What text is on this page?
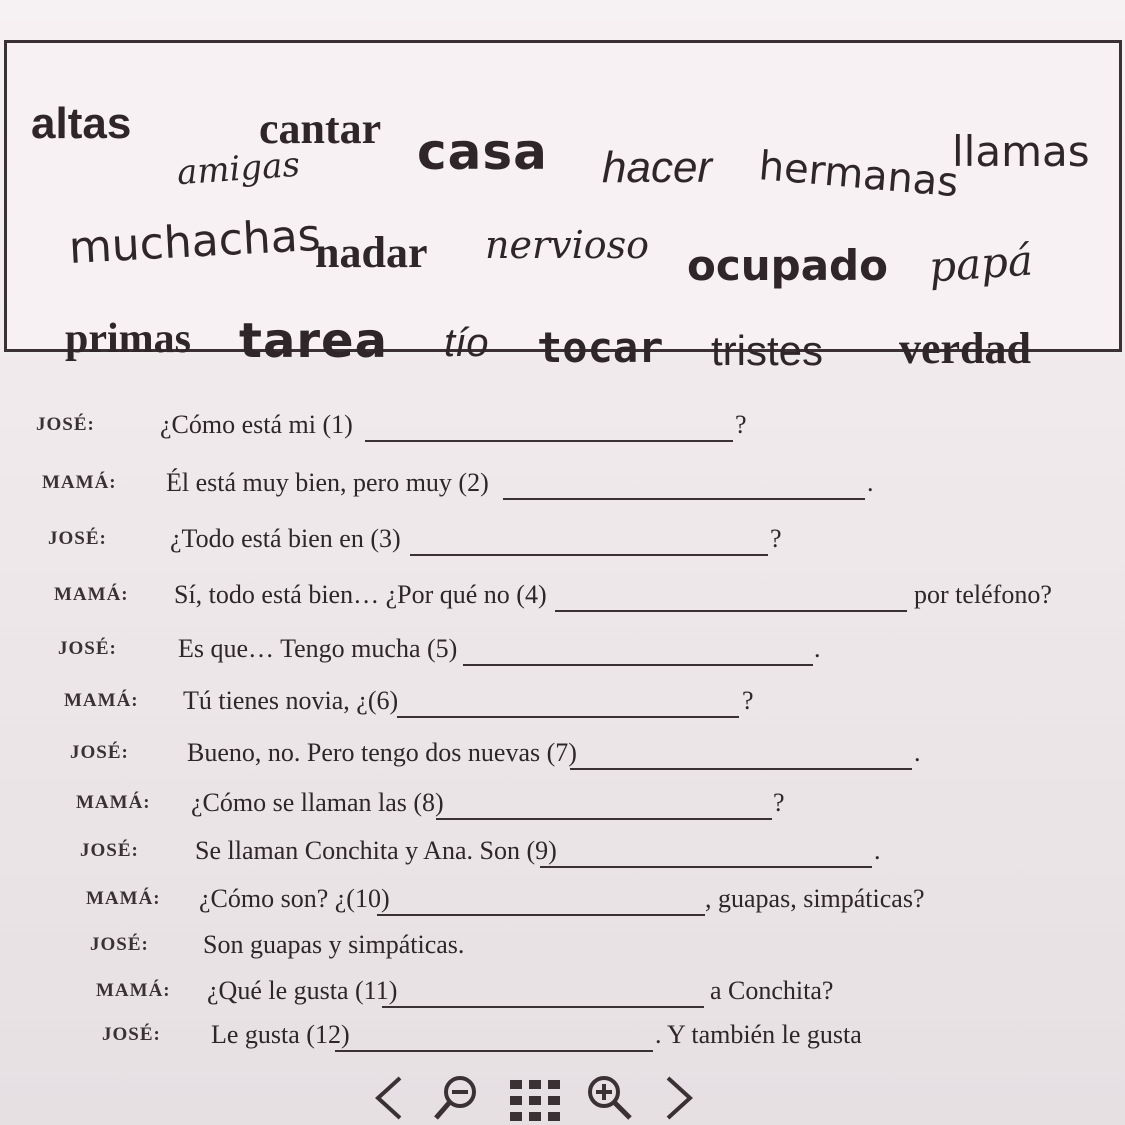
altas	cantar
amigas casa hacer hermanas
llamas
muchachas
nadar nervioso ocupado papá
primas tarea tío tocar tristes verdad
JOSÉ:	¿Cómo está mi (1)	?
MAMÁ: Él está muy bien, pero muy (2)	.
JOSÉ: ¿Todo está bien en (3)	?
MAMÁ: Sí, todo está bien… ¿Por qué no (4)	por teléfono?
JOSÉ: Es que… Tengo mucha (5)	.
MAMÁ: Tú tienes novia, ¿(6)	?
JOSÉ: Bueno, no. Pero tengo dos nuevas (7)	.
MAMÁ: ¿Cómo se llaman las (8)	?
JOSÉ: Se llaman Conchita y Ana. Son (9)	.
MAMÁ: ¿Cómo son? ¿(10)	, guapas, simpáticas?
JOSÉ: Son guapas y simpáticas.
MAMÁ: ¿Qué le gusta (11)	a Conchita?
JOSÉ: Le gusta (12)	. Y también le gusta
